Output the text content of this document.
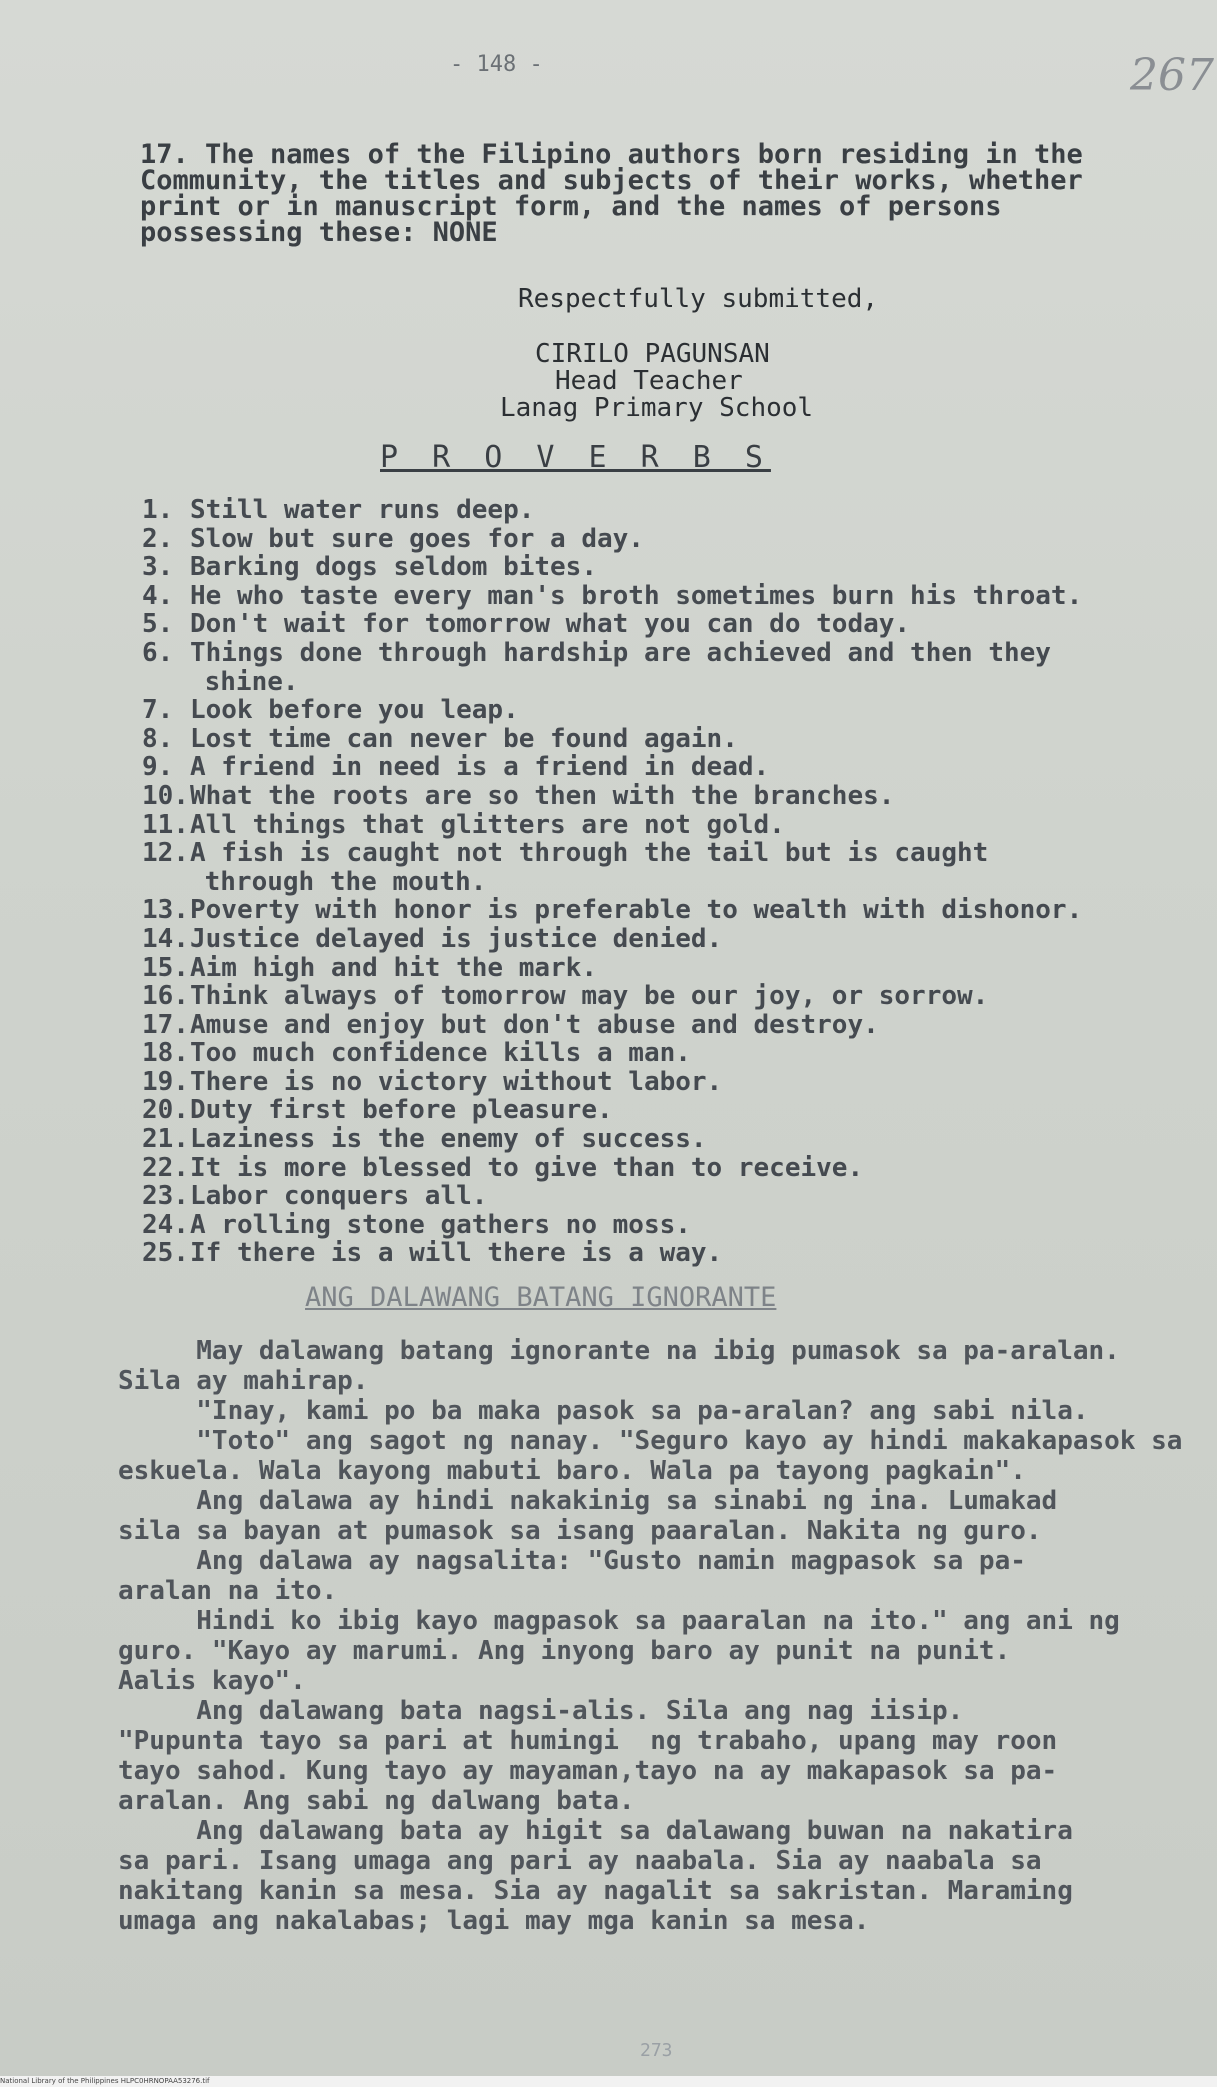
- 148 -	267
17. The names of the Filipino authors born residing in the Community, the titles and subjects of their works, whether print or in manuscript form, and the names of persons possessing these: NONE
Respectfully submitted,
CIRILO PAGUNSAN
Head Teacher
Lanag Primary School
P R O V E R B S
1. Still water runs deep.
2. Slow but sure goes for a day.
3. Barking dogs seldom bites.
4. He who taste every man's broth sometimes burn his throat.
5. Don't wait for tomorrow what you can do today.
6. Things done through hardship are achieved and then they
shine.
7. Look before you leap.
8. Lost time can never be found again.
9. A friend in need is a friend in dead.
10.What the roots are so then with the branches.
11.All things that glitters are not gold.
12.A fish is caught not through the tail but is caught
through the mouth.
13.Poverty with honor is preferable to wealth with dishonor.
14.Justice delayed is justice denied.
15.Aim high and hit the mark.
16.Think always of tomorrow may be our joy, or sorrow.
17.Amuse and enjoy but don't abuse and destroy.
18.Too much confidence kills a man.
19.There is no victory without labor.
20.Duty first before pleasure.
21.Laziness is the enemy of success.
22.It is more blessed to give than to receive.
23.Labor conquers all.
24.A rolling stone gathers no moss.
25.If there is a will there is a way.
ANG DALAWANG BATANG IGNORANTE

May dalawang batang ignorante na ibig pumasok sa pa-aralan.

Sila ay mahirap.

"Inay, kami po ba maka pasok sa pa-aralan? ang sabi nila.

"Toto" ang sagot ng nanay. "Seguro kayo ay hindi makakapasok sa

eskuela. Wala kayong mabuti baro. Wala pa tayong pagkain".

Ang dalawa ay hindi nakakinig sa sinabi ng ina. Lumakad

sila sa bayan at pumasok sa isang paaralan. Nakita ng guro.

Ang dalawa ay nagsalita: "Gusto namin magpasok sa pa-

aralan na ito.

Hindi ko ibig kayo magpasok sa paaralan na ito." ang ani ng

guro. "Kayo ay marumi. Ang inyong baro ay punit na punit.

Aalis kayo".

Ang dalawang bata nagsi-alis. Sila ang nag iisip.

"Pupunta tayo sa pari at humingi  ng trabaho, upang may roon

tayo sahod. Kung tayo ay mayaman,tayo na ay makapasok sa pa-

aralan. Ang sabi ng dalwang bata.

Ang dalawang bata ay higit sa dalawang buwan na nakatira

sa pari. Isang umaga ang pari ay naabala. Sia ay naabala sa

nakitang kanin sa mesa. Sia ay nagalit sa sakristan. Maraming

umaga ang nakalabas; lagi may mga kanin sa mesa.

273
National Library of the Philippines HLPC0HRNOPAA53276.tif
